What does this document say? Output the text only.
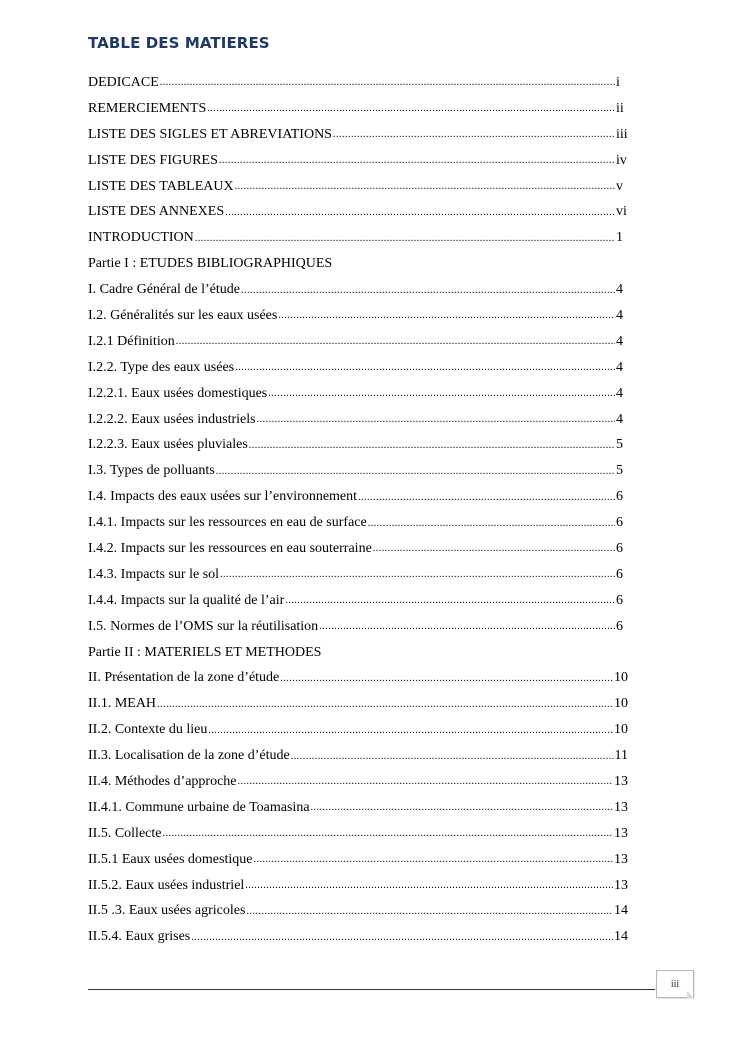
TABLE DES MATIERES
DEDICACE .....	i
REMERCIEMENTS .....	ii
LISTE DES SIGLES ET ABREVIATIONS .....	iii
LISTE DES FIGURES .....	iv
LISTE DES TABLEAUX .....	v
LISTE DES ANNEXES .....	vi
INTRODUCTION .....	1
Partie I : ETUDES BIBLIOGRAPHIQUES
I. Cadre Général de l’étude .....	4
I.2. Généralités sur les eaux usées .....	4
I.2.1 Définition .....	4
I.2.2. Type des eaux usées .....	4
I.2.2.1. Eaux usées domestiques .....	4
I.2.2.2. Eaux usées industriels .....	4
I.2.2.3. Eaux usées pluviales .....	5
I.3. Types de polluants .....	5
I.4. Impacts des eaux usées sur l’environnement .....	6
I.4.1. Impacts sur les ressources en eau de surface .....	6
I.4.2. Impacts sur les ressources en eau souterraine .....	6
I.4.3. Impacts sur le sol .....	6
I.4.4. Impacts sur la qualité de l’air .....	6
I.5. Normes de l’OMS sur la réutilisation .....	6
Partie II : MATERIELS ET METHODES
II. Présentation de la zone d’étude .....	10
II.1. MEAH .....	10
II.2. Contexte du lieu .....	10
II.3. Localisation de la zone d’étude .....	11
II.4. Méthodes d’approche .....	13
II.4.1. Commune urbaine de Toamasina .....	13
II.5. Collecte .....	13
II.5.1 Eaux usées domestique .....	13
II.5.2. Eaux usées industriel .....	13
II.5 .3. Eaux usées agricoles .....	14
II.5.4. Eaux grises .....	14
iii
